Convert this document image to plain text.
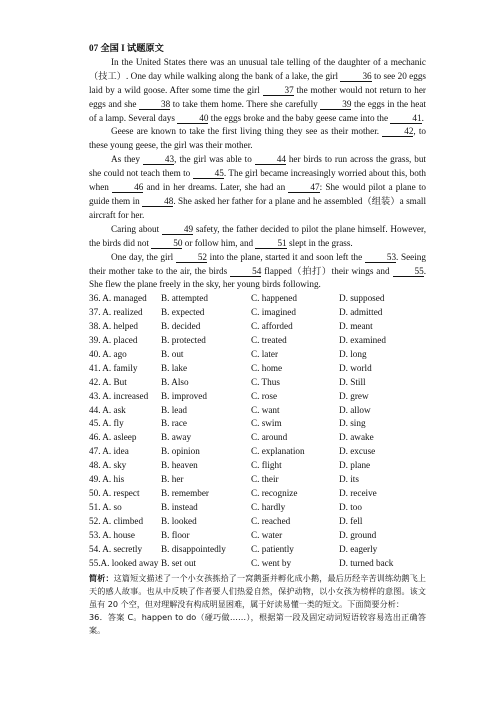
07 全国 I 试题原文

In the United States there was an unusual tale telling of the daughter of a mechanic（技工）. One day while walking along the bank of a lake, the girl 36 to see 20 eggs laid by a wild goose. After some time the girl 37 the mother would not return to her eggs and she 38 to take them home. There she carefully 39 the eggs in the heat of a lamp. Several days 40 the eggs broke and the baby geese came into the 41.

Geese are known to take the first living thing they see as their mother. 42, to these young geese, the girl was their mother.

As they 43, the girl was able to 44 her birds to run across the grass, but she could not teach them to 45. The girl became increasingly worried about this, both when 46 and in her dreams. Later, she had an 47: She would pilot a plane to guide them in 48. She asked her father for a plane and he assembled（组装）a small aircraft for her.

Caring about 49 safety, the father decided to pilot the plane himself. However, the birds did not 50 or follow him, and 51 slept in the grass.

One day, the girl 52 into the plane, started it and soon left the 53. Seeing their mother take to the air, the birds 54 flapped（拍打）their wings and 55. She flew the plane freely in the sky, her young birds following.

36. A. managed	B. attempted	C. happened	D. supposed
37. A. realized	B. expected	C. imagined	D. admitted
38. A. helped	B. decided	C. afforded	D. meant
39. A. placed	B. protected	C. treated	D. examined
40. A. ago	B. out	C. later	D. long
41. A. family	B. lake	C. home	D. world
42. A. But	B. Also	C. Thus	D. Still
43. A. increased	B. improved	C. rose	D. grew
44. A. ask	B. lead	C. want	D. allow
45. A. fly	B. race	C. swim	D. sing
46. A. asleep	B. away	C. around	D. awake
47. A. idea	B. opinion	C. explanation	D. excuse
48. A. sky	B. heaven	C. flight	D. plane
49. A. his	B. her	C. their	D. its
50. A. respect	B. remember	C. recognize	D. receive
51. A. so	B. instead	C. hardly	D. too
52. A. climbed	B. looked	C. reached	D. fell
53. A. house	B. floor	C. water	D. ground
54. A. secretly	B. disappointedly	C. patiently	D. eagerly
55.A. looked away	B. set out	C. went by	D. turned back
简析：这篇短文描述了一个小女孩拣拾了一窝鹅蛋并孵化成小鹅，最后历经辛苦训练幼鹅飞上天的感人故事。也从中反映了作者要人们热爱自然，保护动物，以小女孩为榜样的意图。该文虽有 20 个空，但对理解没有构成明显困难，属于好读易懂一类的短文。下面简要分析：
36．答案 C。happen to do（碰巧做……），根据第一段及固定动词短语较容易选出正确答案。
